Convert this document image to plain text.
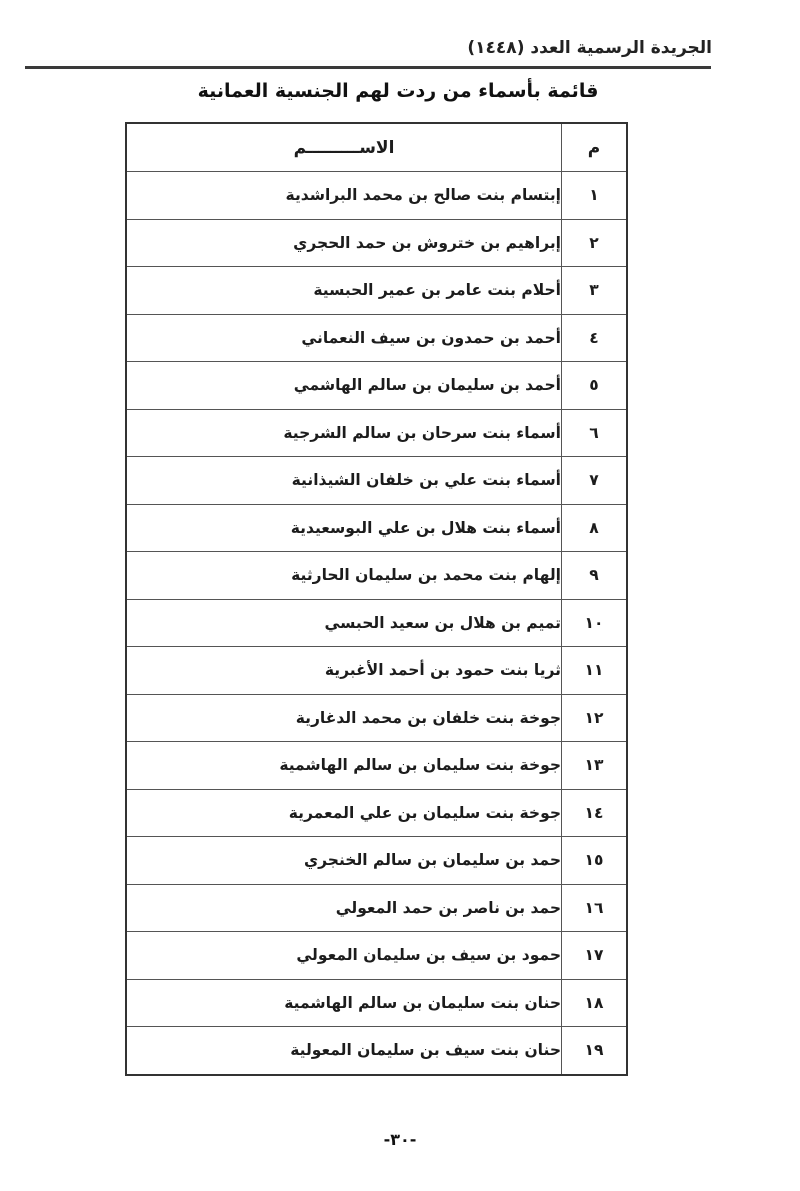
الجريدة الرسمية العدد (١٤٤٨)
قائمة بأسماء من ردت لهم الجنسية العمانية
م	الاســـــــــم
١	إبتسام بنت صالح بن محمد البراشدية
٢	إبراهيم بن ختروش بن حمد الحجري
٣	أحلام بنت عامر بن عمير الحبسية
٤	أحمد بن حمدون بن سيف النعماني
٥	أحمد بن سليمان بن سالم الهاشمي
٦	أسماء بنت سرحان بن سالم الشرجية
٧	أسماء بنت علي بن خلفان الشيذانية
٨	أسماء بنت هلال بن علي البوسعيدية
٩	إلهام بنت محمد بن سليمان الحارثية
١٠	تميم بن هلال بن سعيد الحبسي
١١	ثريا بنت حمود بن أحمد الأغبرية
١٢	جوخة بنت خلفان بن محمد الدغارية
١٣	جوخة بنت سليمان بن سالم الهاشمية
١٤	جوخة بنت سليمان بن علي المعمرية
١٥	حمد بن سليمان بن سالم الخنجري
١٦	حمد بن ناصر بن حمد المعولي
١٧	حمود بن سيف بن سليمان المعولي
١٨	حنان بنت سليمان بن سالم الهاشمية
١٩	حنان بنت سيف بن سليمان المعولية
-٣٠-
